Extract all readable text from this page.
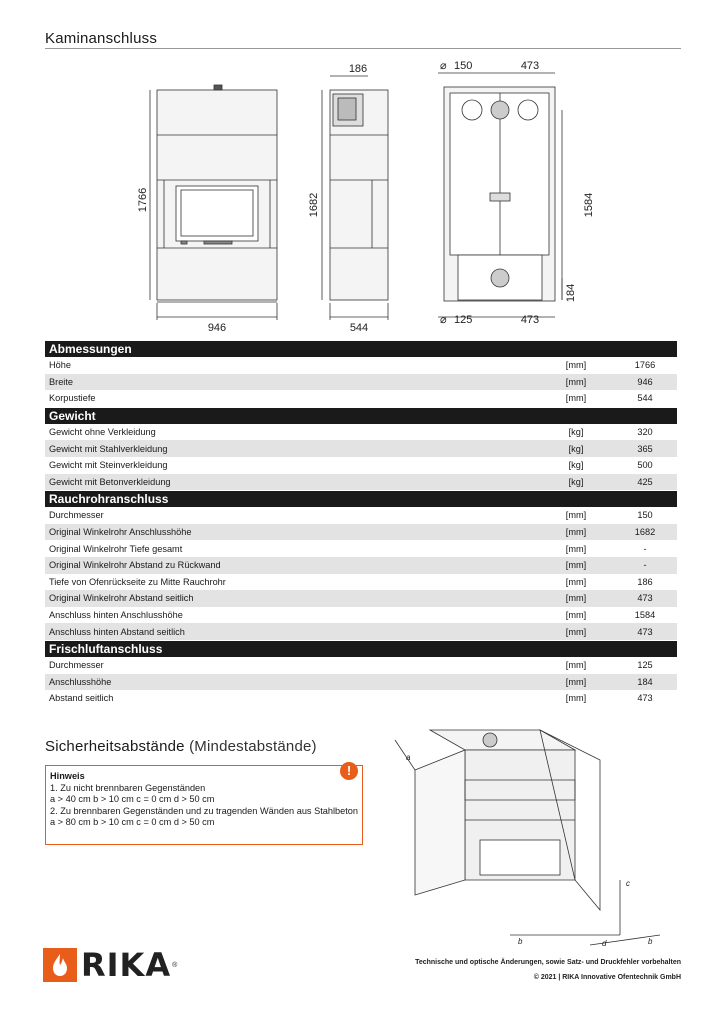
Kaminanschluss
1766
946
186
1682
544
⌀ 150	473
1584
184
⌀ 125	473
Abmessungen
Höhe	[mm]	1766
Breite	[mm]	946
Korpustiefe	[mm]	544
Gewicht
Gewicht ohne Verkleidung	[kg]	320
Gewicht mit Stahlverkleidung	[kg]	365
Gewicht mit Steinverkleidung	[kg]	500
Gewicht mit Betonverkleidung	[kg]	425
Rauchrohranschluss
Durchmesser	[mm]	150
Original Winkelrohr Anschlusshöhe	[mm]	1682
Original Winkelrohr Tiefe gesamt	[mm]	-
Original Winkelrohr Abstand zu Rückwand	[mm]	-
Tiefe von Ofenrückseite zu Mitte Rauchrohr	[mm]	186
Original Winkelrohr Abstand seitlich	[mm]	473
Anschluss hinten Anschlusshöhe	[mm]	1584
Anschluss hinten Abstand seitlich	[mm]	473
Frischluftanschluss
Durchmesser	[mm]	125
Anschlusshöhe	[mm]	184
Abstand seitlich	[mm]	473
Sicherheitsabstände (Mindestabstände)
!
Hinweis
1. Zu nicht brennbaren Gegenständen
a > 40 cm b > 10 cm c = 0 cm d > 50 cm
2. Zu brennbaren Gegenständen und zu tragenden Wänden aus Stahlbeton
a > 80 cm b > 10 cm c = 0 cm d > 50 cm
a
b
c
d	b
RIKA ®	Technische und optische Änderungen, sowie Satz- und Druckfehler vorbehalten
© 2021 | RIKA Innovative Ofentechnik GmbH
